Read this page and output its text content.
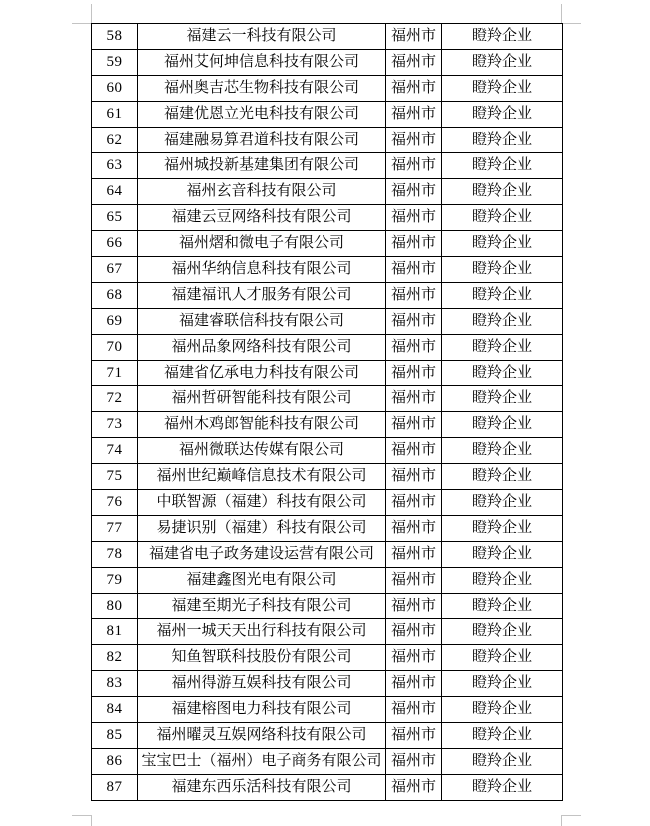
58	福建云一科技有限公司	福州市	瞪羚企业
59	福州艾何坤信息科技有限公司	福州市	瞪羚企业
60	福州奥吉芯生物科技有限公司	福州市	瞪羚企业
61	福建优恩立光电科技有限公司	福州市	瞪羚企业
62	福建融易算君道科技有限公司	福州市	瞪羚企业
63	福州城投新基建集团有限公司	福州市	瞪羚企业
64	福州玄音科技有限公司	福州市	瞪羚企业
65	福建云豆网络科技有限公司	福州市	瞪羚企业
66	福州熠和微电子有限公司	福州市	瞪羚企业
67	福州华纳信息科技有限公司	福州市	瞪羚企业
68	福建福讯人才服务有限公司	福州市	瞪羚企业
69	福建睿联信科技有限公司	福州市	瞪羚企业
70	福州品象网络科技有限公司	福州市	瞪羚企业
71	福建省亿承电力科技有限公司	福州市	瞪羚企业
72	福州哲研智能科技有限公司	福州市	瞪羚企业
73	福州木鸡郎智能科技有限公司	福州市	瞪羚企业
74	福州微联达传媒有限公司	福州市	瞪羚企业
75	福州世纪巅峰信息技术有限公司	福州市	瞪羚企业
76	中联智源（福建）科技有限公司	福州市	瞪羚企业
77	易捷识别（福建）科技有限公司	福州市	瞪羚企业
78	福建省电子政务建设运营有限公司	福州市	瞪羚企业
79	福建鑫图光电有限公司	福州市	瞪羚企业
80	福建至期光子科技有限公司	福州市	瞪羚企业
81	福州一城天天出行科技有限公司	福州市	瞪羚企业
82	知鱼智联科技股份有限公司	福州市	瞪羚企业
83	福州得游互娱科技有限公司	福州市	瞪羚企业
84	福建榕图电力科技有限公司	福州市	瞪羚企业
85	福州曜灵互娱网络科技有限公司	福州市	瞪羚企业
86	宝宝巴士（福州）电子商务有限公司	福州市	瞪羚企业
87	福建东西乐活科技有限公司	福州市	瞪羚企业
